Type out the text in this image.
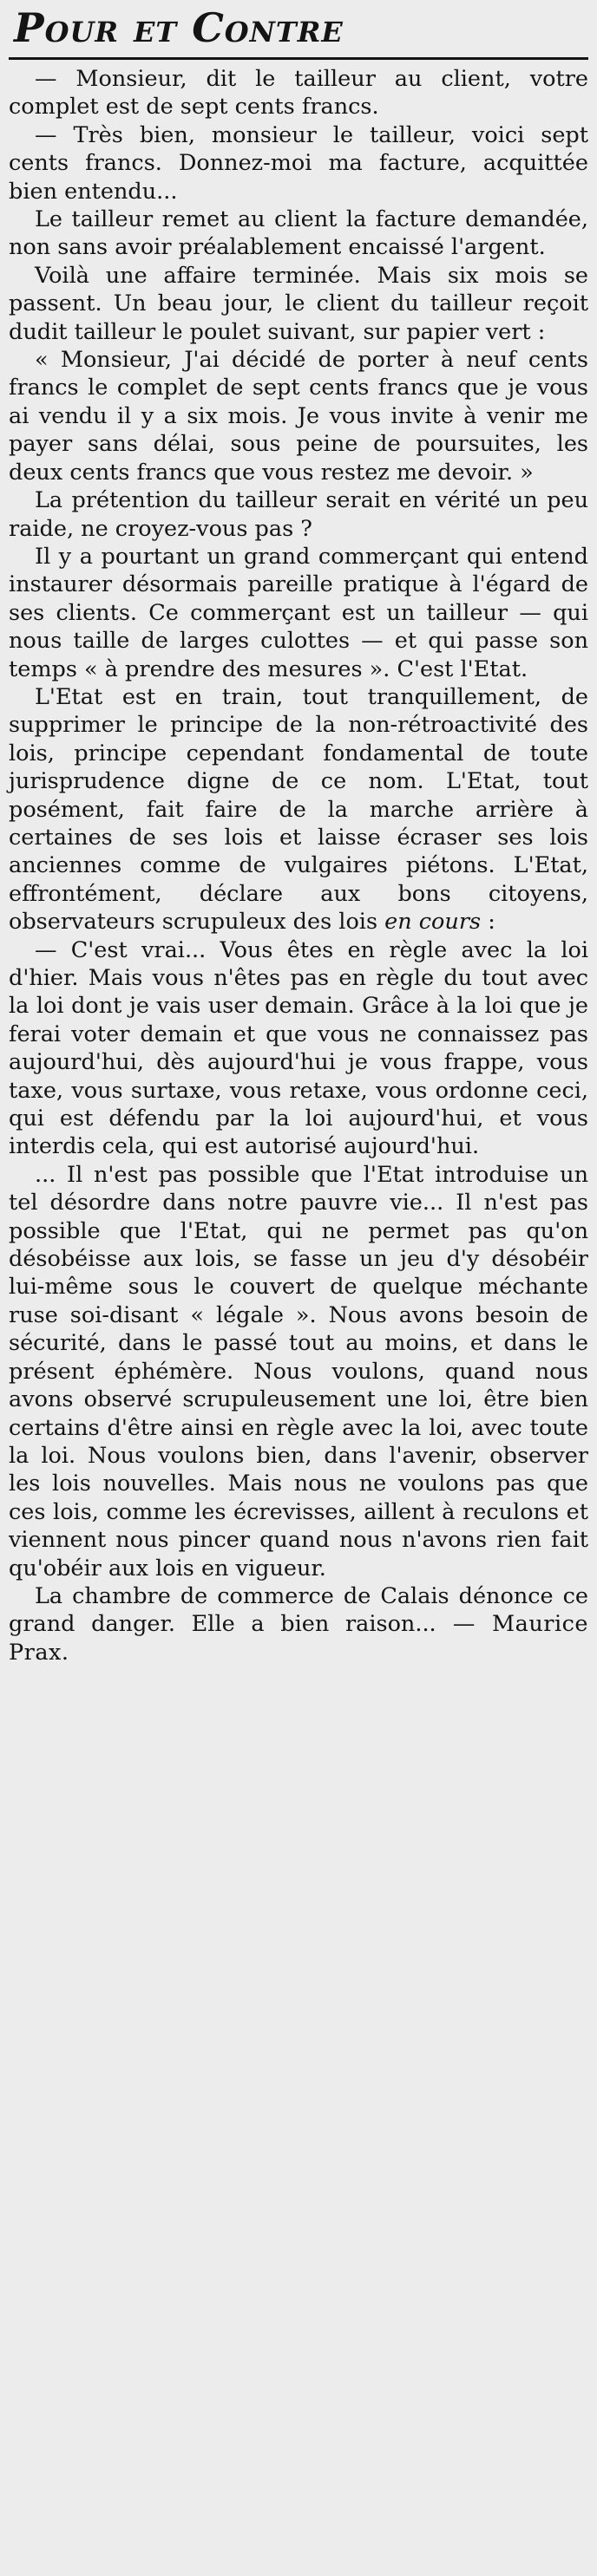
Pour et Contre

— Monsieur, dit le tailleur au client, votre complet est de sept cents francs.

— Très bien, monsieur le tailleur, voici sept cents francs. Donnez-moi ma facture, acquittée bien entendu...

Le tailleur remet au client la facture demandée, non sans avoir préalablement encaissé l'argent.

Voilà une affaire terminée. Mais six mois se passent. Un beau jour, le client du tailleur reçoit dudit tailleur le poulet suivant, sur papier vert :

« Monsieur, J'ai décidé de porter à neuf cents francs le complet de sept cents francs que je vous ai vendu il y a six mois. Je vous invite à venir me payer sans délai, sous peine de poursuites, les deux cents francs que vous restez me devoir. »

La prétention du tailleur serait en vérité un peu raide, ne croyez-vous pas ?

Il y a pourtant un grand commerçant qui entend instaurer désormais pareille pratique à l'égard de ses clients. Ce commerçant est un tailleur — qui nous taille de larges culottes — et qui passe son temps « à prendre des mesures ». C'est l'Etat.

L'Etat est en train, tout tranquillement, de supprimer le principe de la non-rétroactivité des lois, principe cependant fondamental de toute jurisprudence digne de ce nom. L'Etat, tout posément, fait faire de la marche arrière à certaines de ses lois et laisse écraser ses lois anciennes comme de vulgaires piétons. L'Etat, effrontément, déclare aux bons citoyens, observateurs scrupuleux des lois en cours :

— C'est vrai... Vous êtes en règle avec la loi d'hier. Mais vous n'êtes pas en règle du tout avec la loi dont je vais user demain. Grâce à la loi que je ferai voter demain et que vous ne connaissez pas aujourd'hui, dès aujourd'hui je vous frappe, vous taxe, vous surtaxe, vous retaxe, vous ordonne ceci, qui est défendu par la loi aujourd'hui, et vous interdis cela, qui est autorisé aujourd'hui.

... Il n'est pas possible que l'Etat introduise un tel désordre dans notre pauvre vie... Il n'est pas possible que l'Etat, qui ne permet pas qu'on désobéisse aux lois, se fasse un jeu d'y désobéir lui-même sous le couvert de quelque méchante ruse soi-disant « légale ». Nous avons besoin de sécurité, dans le passé tout au moins, et dans le présent éphémère. Nous voulons, quand nous avons observé scrupuleusement une loi, être bien certains d'être ainsi en règle avec la loi, avec toute la loi. Nous voulons bien, dans l'avenir, observer les lois nouvelles. Mais nous ne voulons pas que ces lois, comme les écrevisses, aillent à reculons et viennent nous pincer quand nous n'avons rien fait qu'obéir aux lois en vigueur.

La chambre de commerce de Calais dénonce ce grand danger. Elle a bien raison... — Maurice Prax.
